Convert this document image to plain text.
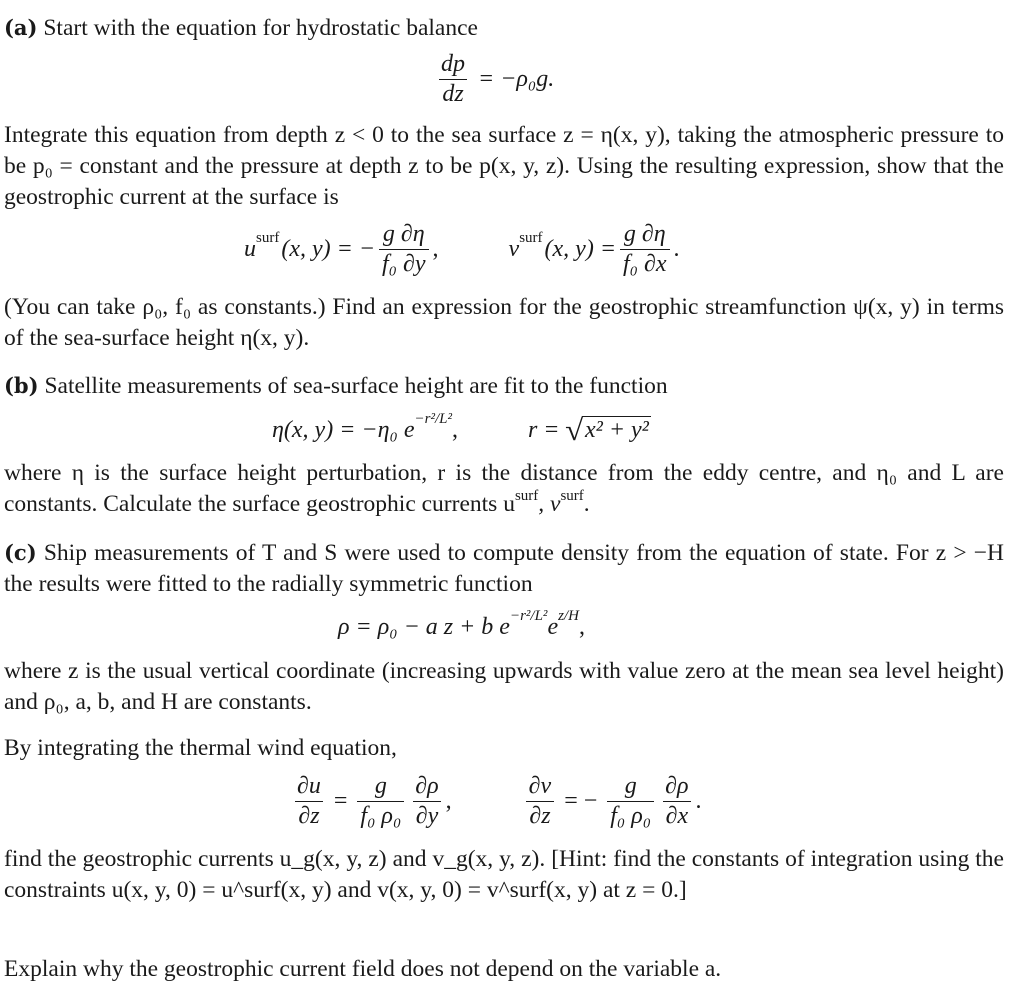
(a) Start with the equation for hydrostatic balance

$\frac{dp}{dz} = -\rho_0g$.

Integrate this equation from depth z < 0 to the sea surface z = η(x, y), taking the atmospheric pressure to be p₀ = constant and the pressure at depth z to be p(x, y, z). Using the resulting expression, show that the geostrophic current at the surface is

$u^{surf}$ (x, y) = − $\frac{g \partial\eta}{\text{f₀ ∂y}}$ ,	$v^{surf}$ (x, $y) = \frac{g \partial\eta}{\text{f₀ ∂x}}$ .

(You can take ρ₀, f₀ as constants.) Find an expression for the geostrophic streamfunction ψ(x, y) in terms of the sea-surface height η(x, y).

(b) Satellite measurements of sea-surface height are fit to the function

η(x, y) = −η₀ $e^{-r^2/L^2}$ ,	r = √ x² + y²

where η is the surface height perturbation, r is the distance from the eddy centre, and η₀ and L are constants. Calculate the surface geostrophic currents $u^{surf}$, $v^{surf}$.

(c) Ship measurements of T and S were used to compute density from the equation of state. For z > −H the results were fitted to the radially symmetric function

ρ = ρ₀ − a z + b $e^{-r^2/L^2}$ $e^{z/H}$ ,

where z is the usual vertical coordinate (increasing upwards with value zero at the mean sea level height) and ρ₀, a, b, and H are constants.

By integrating the thermal wind equation,

$\frac{\partial u}{\partial z} = \frac{g}{\text{f₀ ρ₀}} \frac{\partial\rho}{\partial y}$ ,	$\frac{\partial v}{\partial z}$ = − $\frac{g}{\text{f₀ ρ₀}} \frac{\partial\rho}{\partial x}$ .

find the geostrophic currents u_g(x, y, z) and v_g(x, y, z). [Hint: find the constants of integration using the constraints u(x, y, 0) = u^surf(x, y) and v(x, y, 0) = v^surf(x, y) at z = 0.]

Explain why the geostrophic current field does not depend on the variable a.
